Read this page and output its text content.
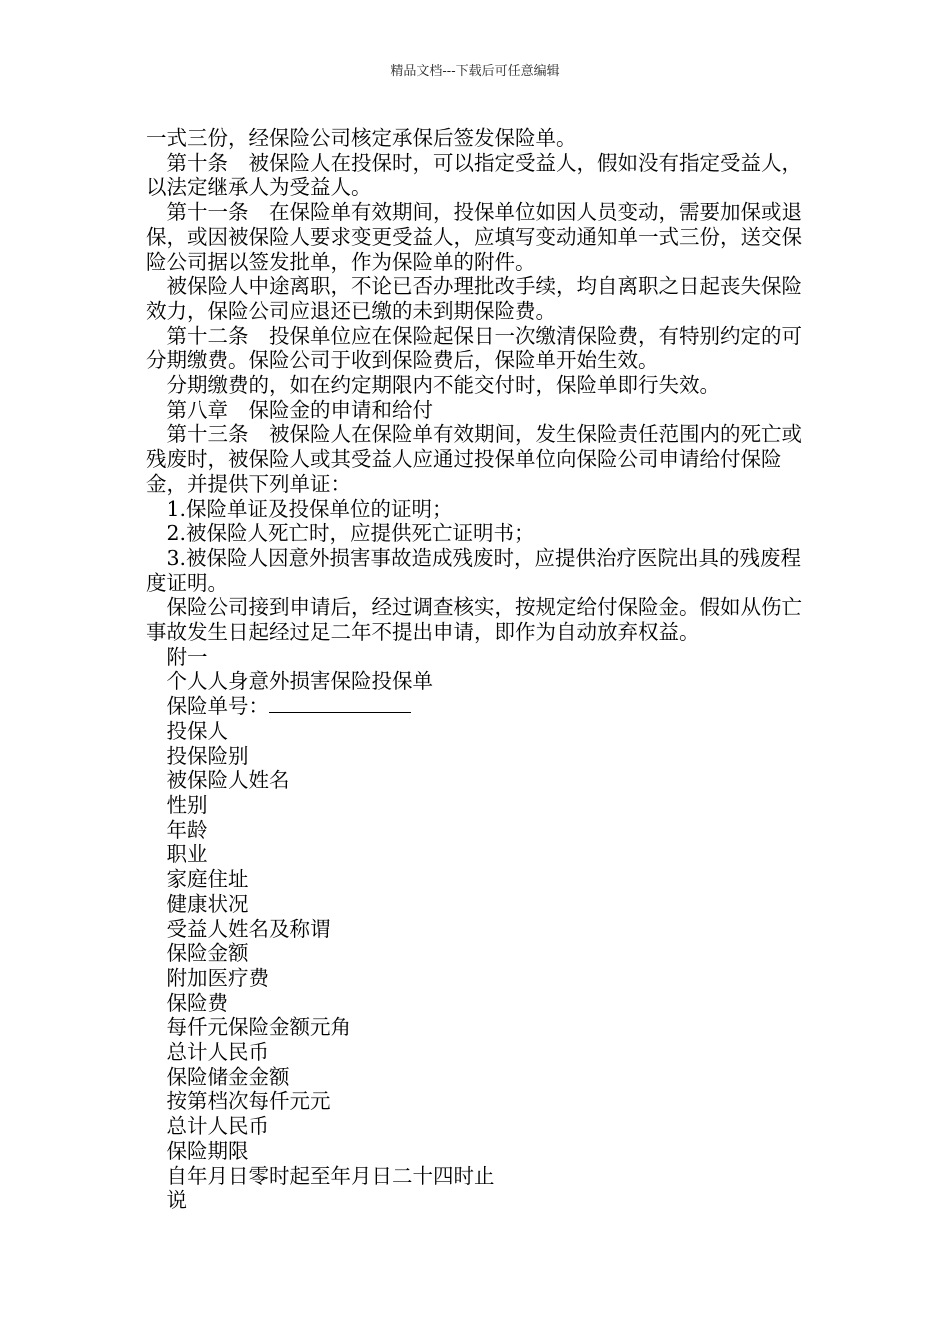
精品文档---下载后可任意编辑

一式三份，经保险公司核定承保后签发保险单。

　第十条　被保险人在投保时，可以指定受益人，假如没有指定受益人，以法定继承人为受益人。

　第十一条　在保险单有效期间，投保单位如因人员变动，需要加保或退保，或因被保险人要求变更受益人，应填写变动通知单一式三份，送交保险公司据以签发批单，作为保险单的附件。

　被保险人中途离职，不论已否办理批改手续，均自离职之日起丧失保险效力，保险公司应退还已缴的未到期保险费。

　第十二条　投保单位应在保险起保日一次缴清保险费，有特别约定的可分期缴费。保险公司于收到保险费后，保险单开始生效。

　分期缴费的，如在约定期限内不能交付时，保险单即行失效。

　第八章　保险金的申请和给付

　第十三条　被保险人在保险单有效期间，发生保险责任范围内的死亡或残废时，被保险人或其受益人应通过投保单位向保险公司申请给付保险金，并提供下列单证：

　1.保险单证及投保单位的证明；

　2.被保险人死亡时，应提供死亡证明书；

　3.被保险人因意外损害事故造成残废时，应提供治疗医院出具的残废程度证明。

　保险公司接到申请后，经过调查核实，按规定给付保险金。假如从伤亡事故发生日起经过足二年不提出申请，即作为自动放弃权益。

　附一

　个人人身意外损害保险投保单

　保险单号：

　投保人

　投保险别

　被保险人姓名

　性别

　年龄

　职业

　家庭住址

　健康状况

　受益人姓名及称谓

　保险金额

　附加医疗费

　保险费

　每仟元保险金额元角

　总计人民币

　保险储金金额

　按第档次每仟元元

　总计人民币

　保险期限

　自年月日零时起至年月日二十四时止

　说
